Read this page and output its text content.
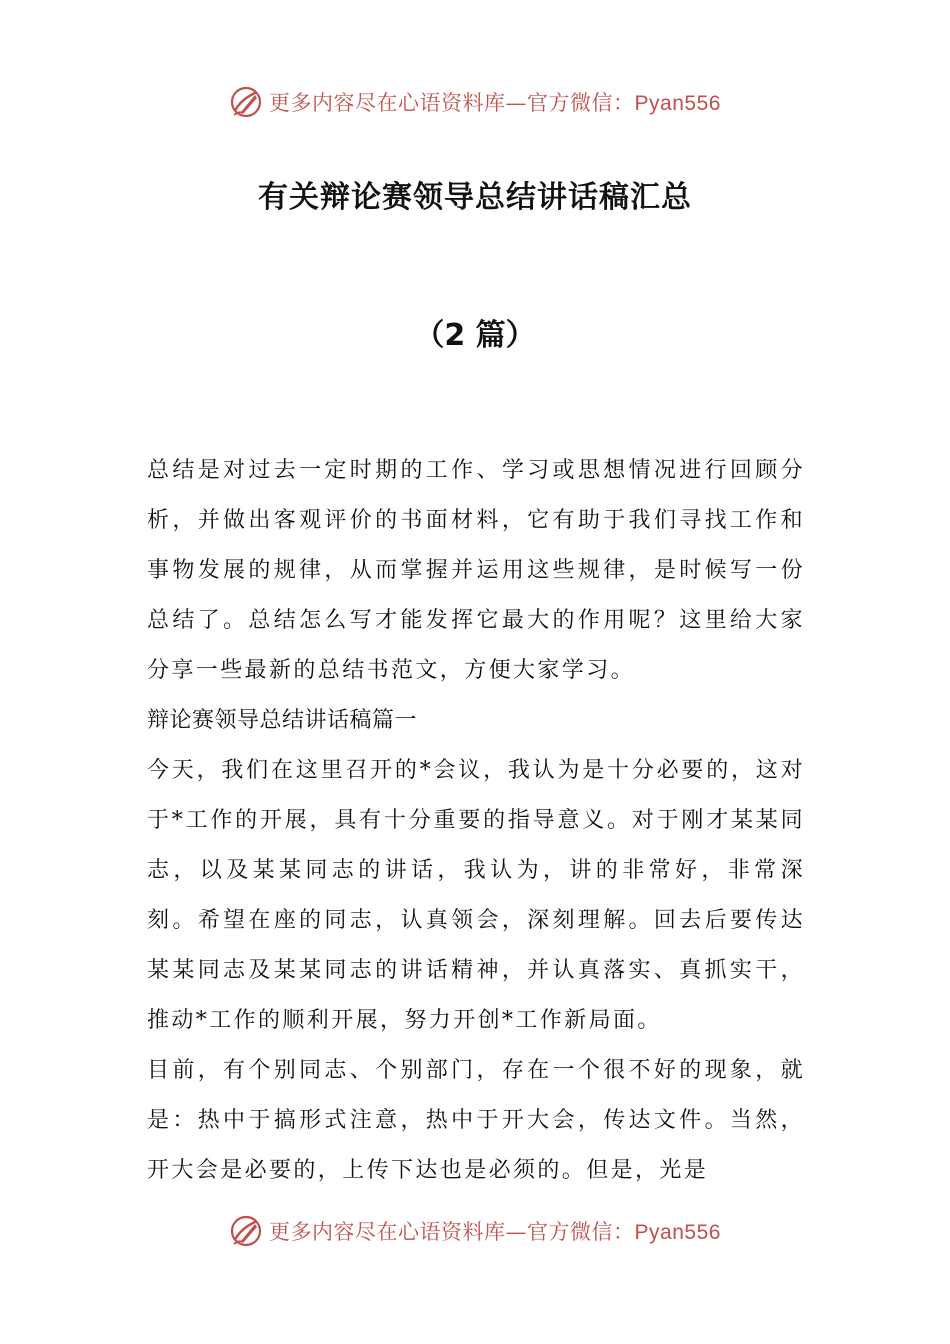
更多内容尽在心语资料库—官方微信：Pyan556
有关辩论赛领导总结讲话稿汇总
（2 篇）

总结是对过去一定时期的工作、学习或思想情况进行回顾分析，并做出客观评价的书面材料，它有助于我们寻找工作和事物发展的规律，从而掌握并运用这些规律，是时候写一份总结了。总结怎么写才能发挥它最大的作用呢？这里给大家分享一些最新的总结书范文，方便大家学习。

辩论赛领导总结讲话稿篇一

今天，我们在这里召开的*会议，我认为是十分必要的，这对于*工作的开展，具有十分重要的指导意义。对于刚才某某同志，以及某某同志的讲话，我认为，讲的非常好，非常深刻。希望在座的同志，认真领会，深刻理解。回去后要传达某某同志及某某同志的讲话精神，并认真落实、真抓实干，推动*工作的顺利开展，努力开创*工作新局面。

目前，有个别同志、个别部门，存在一个很不好的现象，就是：热中于搞形式注意，热中于开大会，传达文件。当然，开大会是必要的，上传下达也是必须的。但是，光是

更多内容尽在心语资料库—官方微信：Pyan556
